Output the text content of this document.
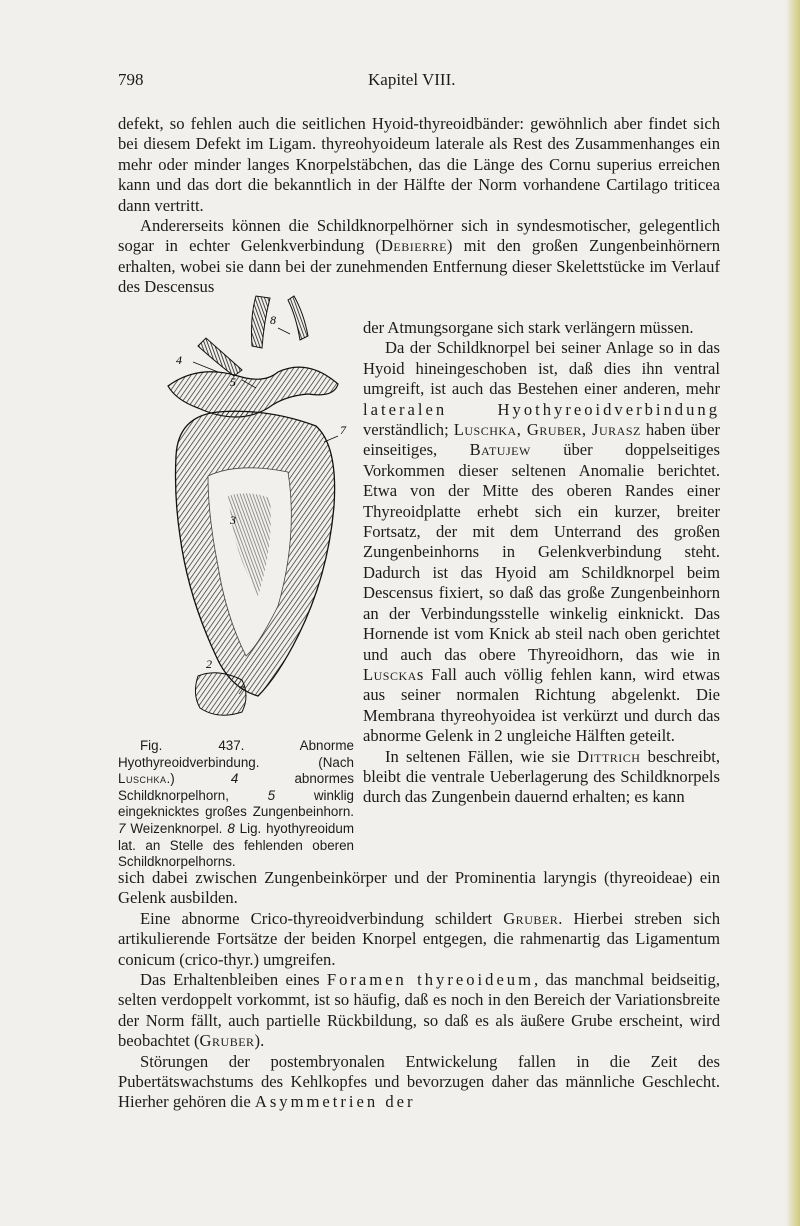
798	Kapitel VIII.

defekt, so fehlen auch die seitlichen Hyoid-thyreoidbänder: gewöhnlich aber findet sich bei diesem Defekt im Ligam. thyreohyoideum laterale als Rest des Zusammenhanges ein mehr oder minder langes Knorpelstäbchen, das die Länge des Cornu superius erreichen kann und das dort die bekanntlich in der Hälfte der Norm vorhandene Cartilago triticea dann vertritt.

Andererseits können die Schildknorpelhörner sich in syndesmotischer, gelegentlich sogar in echter Gelenkverbindung (Debierre) mit den großen Zungenbeinhörnern erhalten, wobei sie dann bei der zunehmenden Entfernung dieser Skelettstücke im Verlauf des Descensus

der Atmungsorgane sich stark verlängern müssen.

Da der Schildknorpel bei seiner Anlage so in das Hyoid hineingeschoben ist, daß dies ihn ventral umgreift, ist auch das Bestehen einer anderen, mehr lateralen Hyothyreoidverbindung verständlich; Luschka, Gruber, Jurasz haben über einseitiges, Batujew über doppelseitiges Vorkommen dieser seltenen Anomalie berichtet. Etwa von der Mitte des oberen Randes einer Thyreoidplatte erhebt sich ein kurzer, breiter Fortsatz, der mit dem Unterrand des großen Zungenbeinhorns in Gelenkverbindung steht. Dadurch ist das Hyoid am Schildknorpel beim Descensus fixiert, so daß das große Zungenbeinhorn an der Verbindungsstelle winkelig einknickt. Das Hornende ist vom Knick ab steil nach oben gerichtet und auch das obere Thyreoidhorn, das wie in Lusckas Fall auch völlig fehlen kann, wird etwas aus seiner normalen Richtung abgelenkt. Die Membrana thyreohyoidea ist verkürzt und durch das abnorme Gelenk in 2 ungleiche Hälften geteilt.

In seltenen Fällen, wie sie Dittrich beschreibt, bleibt die ventrale Ueberlagerung des Schildknorpels durch das Zungenbein dauernd erhalten; es kann

4
8
5
7
3
2
7

Fig. 437. Abnorme Hyothyreoidverbindung. (Nach Luschka.) 4 abnormes Schildknorpelhorn, 5 winklig eingeknicktes großes Zungenbeinhorn. 7 Weizenknorpel. 8 Lig. hyothyreoidum lat. an Stelle des fehlenden oberen Schildknorpelhorns.

sich dabei zwischen Zungenbeinkörper und der Prominentia laryngis (thyreoideae) ein Gelenk ausbilden.

Eine abnorme Crico-thyreoidverbindung schildert Gruber. Hierbei streben sich artikulierende Fortsätze der beiden Knorpel entgegen, die rahmenartig das Ligamentum conicum (crico-thyr.) umgreifen.

Das Erhaltenbleiben eines Foramen thyreoideum, das manchmal beidseitig, selten verdoppelt vorkommt, ist so häufig, daß es noch in den Bereich der Variationsbreite der Norm fällt, auch partielle Rückbildung, so daß es als äußere Grube erscheint, wird beobachtet (Gruber).

Störungen der postembryonalen Entwickelung fallen in die Zeit des Pubertätswachstums des Kehlkopfes und bevorzugen daher das männliche Geschlecht. Hierher gehören die Asymmetrien der
